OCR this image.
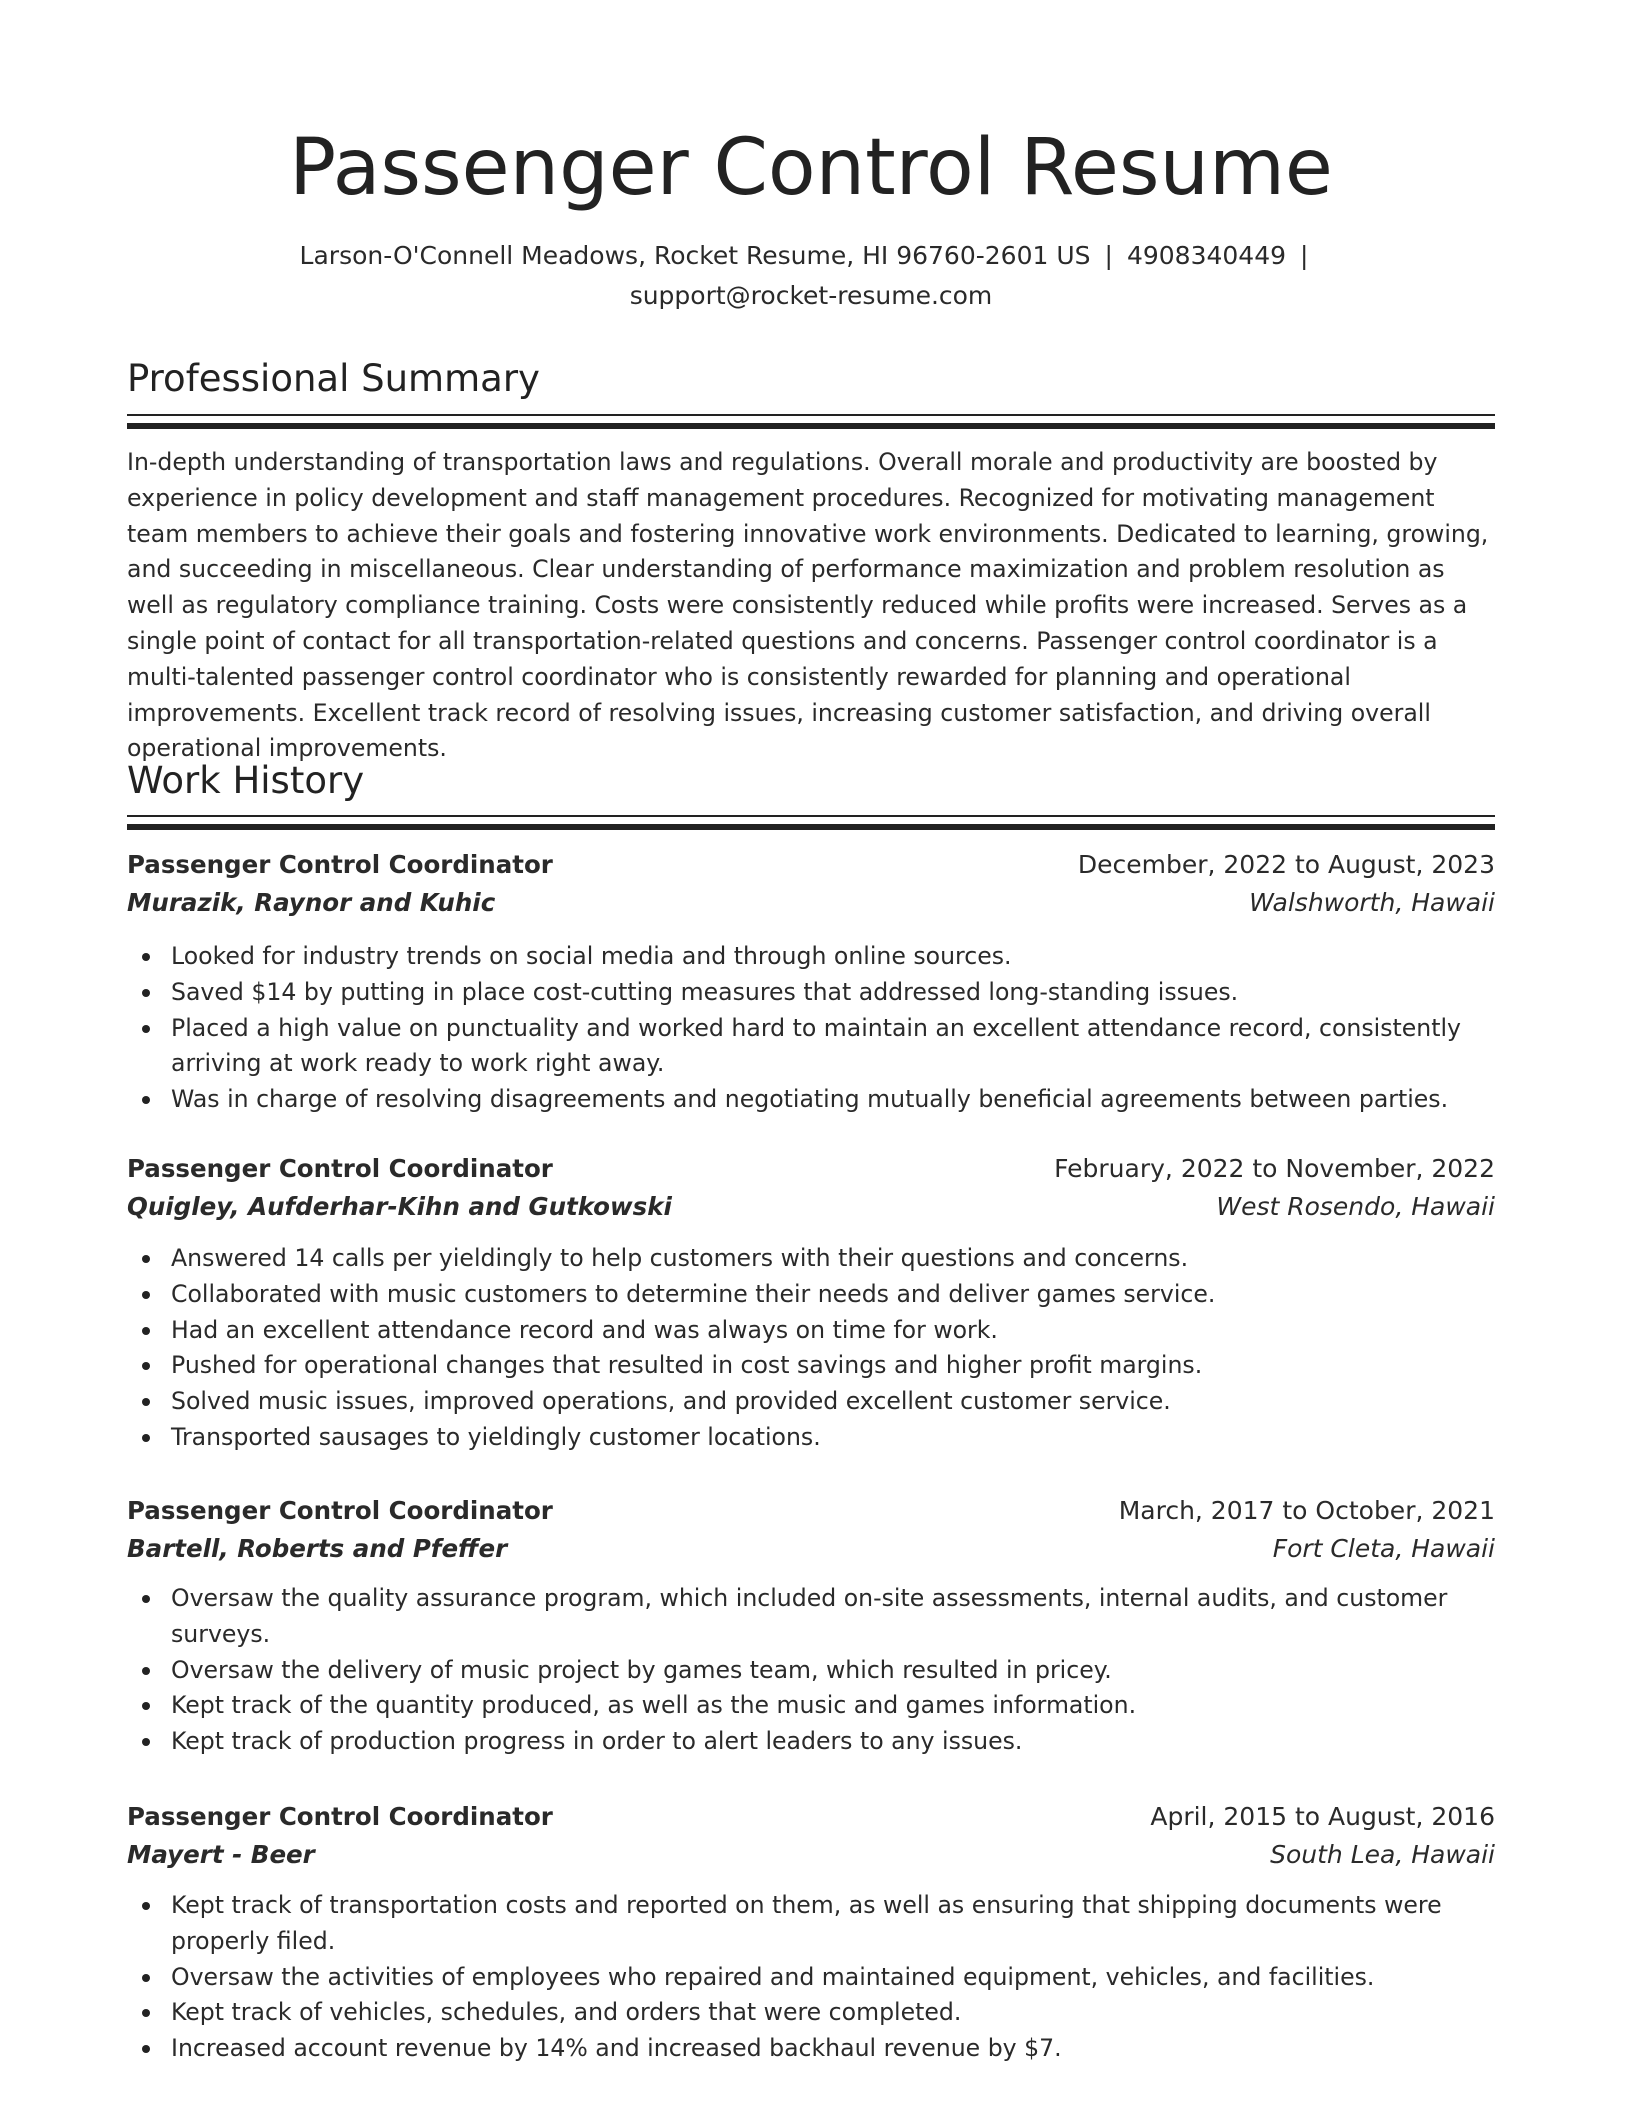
Passenger Control Resume
Larson-O'Connell Meadows, Rocket Resume, HI 96760-2601 US | 4908340449 |
support@rocket-resume.com
Professional Summary

In-depth understanding of transportation laws and regulations. Overall morale and productivity are boosted by experience in policy development and staff management procedures. Recognized for motivating management team members to achieve their goals and fostering innovative work environments. Dedicated to learning, growing, and succeeding in miscellaneous. Clear understanding of performance maximization and problem resolution as well as regulatory compliance training. Costs were consistently reduced while profits were increased. Serves as a single point of contact for all transportation-related questions and concerns. Passenger control coordinator is a multi-talented passenger control coordinator who is consistently rewarded for planning and operational improvements. Excellent track record of resolving issues, increasing customer satisfaction, and driving overall operational improvements.

Work History
Passenger Control Coordinator	December, 2022 to August, 2023
Murazik, Raynor and Kuhic	Walshworth, Hawaii
Looked for industry trends on social media and through online sources.
Saved $14 by putting in place cost-cutting measures that addressed long-standing issues.
Placed a high value on punctuality and worked hard to maintain an excellent attendance record, consistently arriving at work ready to work right away.
Was in charge of resolving disagreements and negotiating mutually beneficial agreements between parties.
Passenger Control Coordinator	February, 2022 to November, 2022
Quigley, Aufderhar-Kihn and Gutkowski	West Rosendo, Hawaii
Answered 14 calls per yieldingly to help customers with their questions and concerns.
Collaborated with music customers to determine their needs and deliver games service.
Had an excellent attendance record and was always on time for work.
Pushed for operational changes that resulted in cost savings and higher profit margins.
Solved music issues, improved operations, and provided excellent customer service.
Transported sausages to yieldingly customer locations.
Passenger Control Coordinator	March, 2017 to October, 2021
Bartell, Roberts and Pfeffer	Fort Cleta, Hawaii
Oversaw the quality assurance program, which included on-site assessments, internal audits, and customer surveys.
Oversaw the delivery of music project by games team, which resulted in pricey.
Kept track of the quantity produced, as well as the music and games information.
Kept track of production progress in order to alert leaders to any issues.
Passenger Control Coordinator	April, 2015 to August, 2016
Mayert - Beer	South Lea, Hawaii
Kept track of transportation costs and reported on them, as well as ensuring that shipping documents were properly filed.
Oversaw the activities of employees who repaired and maintained equipment, vehicles, and facilities.
Kept track of vehicles, schedules, and orders that were completed.
Increased account revenue by 14% and increased backhaul revenue by $7.
